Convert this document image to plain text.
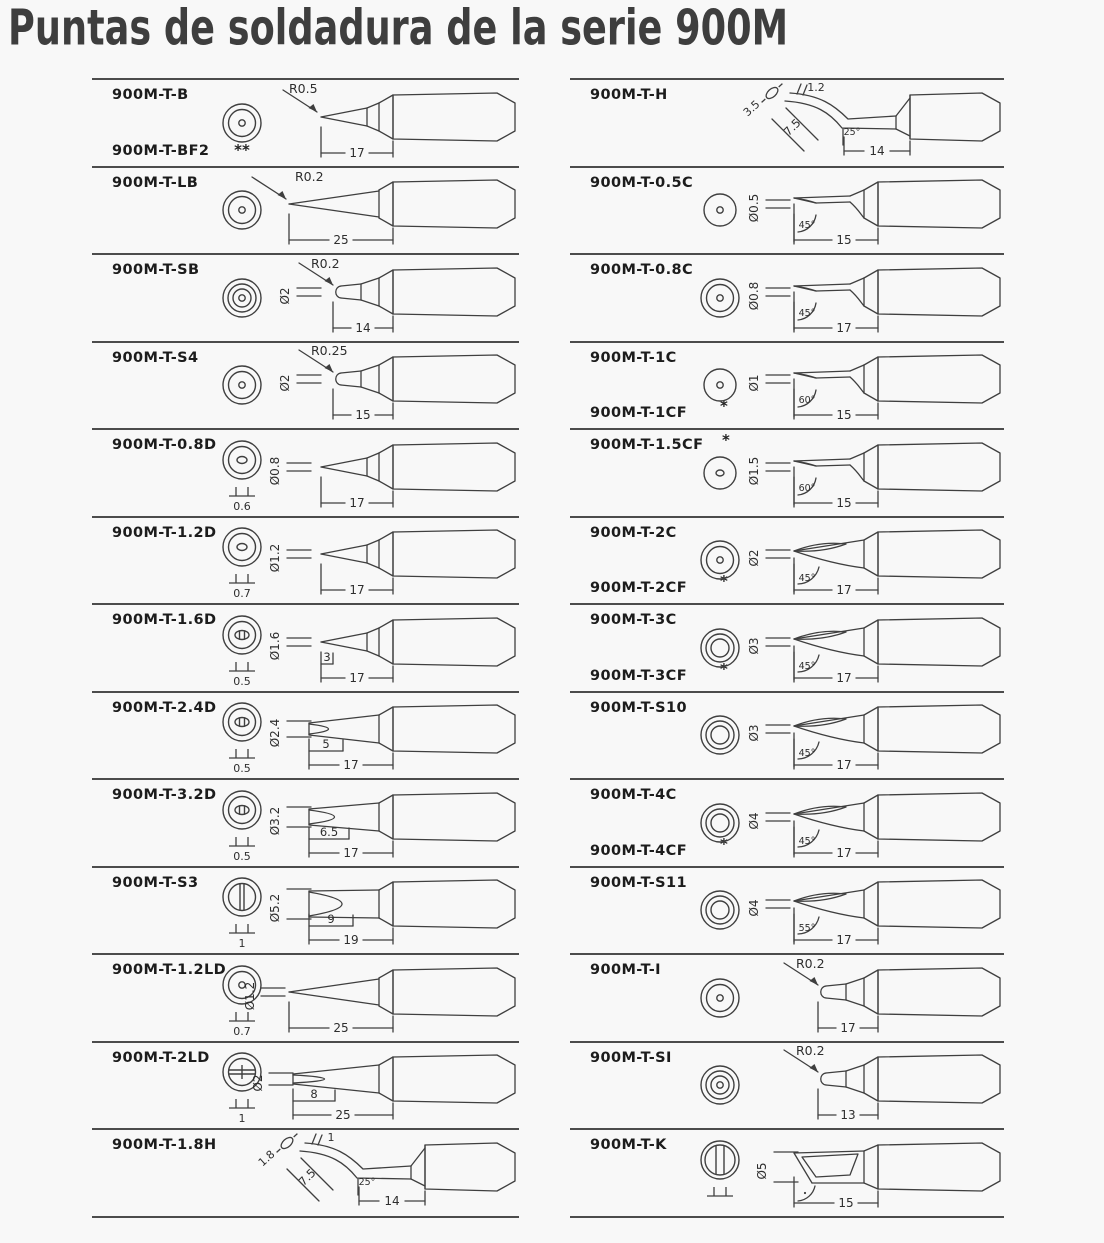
Puntas de soldadura de la serie 900M
900M-T-B
900M-T-BF2	**
R0.5
17
900M-T-LB	R0.2
25
900M-T-SB
Ø2
R0.2
14
900M-T-S4
Ø2
R0.25
15
900M-T-0.8D
0.6
Ø0.8
17
900M-T-1.2D
0.7
Ø1.2
17
900M-T-1.6D
0.5
Ø1.6	3
17
900M-T-2.4D
0.5
Ø2.4	5
17
900M-T-3.2D
0.5
Ø3.2	6.5
17
900M-T-S3
1
Ø5.2	9
19
900M-T-1.2LD
0.7
Ø1.2
25
900M-T-2LD
1
Ø2
8
25
900M-T-1.8H
1.8
1
7.5	25°
14
900M-T-H
3.5
1.2
7.5	25°
14
900M-T-0.5C
Ø0.5
45°
15
900M-T-0.8C
Ø0.8
45°
17
900M-T-1C
900M-T-1CF *
Ø1
60°
15
900M-T-1.5CF *
Ø1.5
60°
15
900M-T-2C
900M-T-2CF *
Ø2
45°
17
900M-T-3C
900M-T-3CF *
Ø3
45°
17
900M-T-S10
Ø3
45°
17
900M-T-4C
900M-T-4CF *
Ø4
45°
17
900M-T-S11
Ø4
55°
17
900M-T-I	R0.2
17
900M-T-SI	R0.2
13
900M-T-K
Ø5
15
